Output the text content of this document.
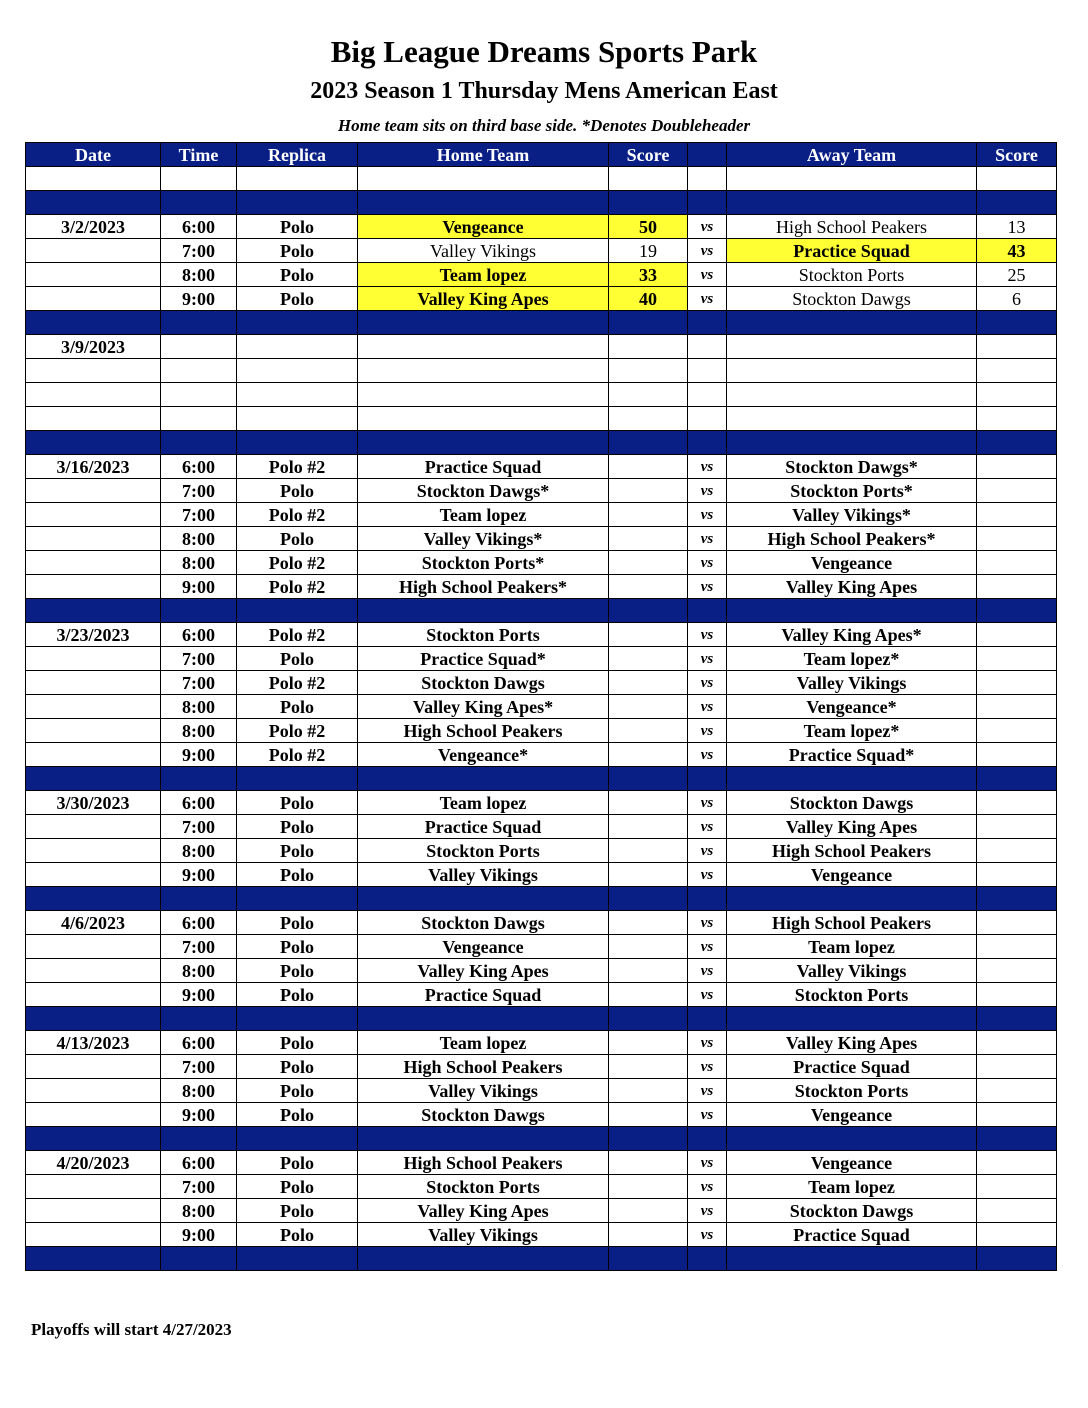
Big League Dreams Sports Park
2023 Season 1 Thursday Mens American East
Home team sits on third base side. *Denotes Doubleheader
Date	Time	Replica	Home Team	Score		Away Team	Score

3/2/2023	6:00	Polo	Vengeance	50	vs	High School Peakers	13
	7:00	Polo	Valley Vikings	19	vs	Practice Squad	43
	8:00	Polo	Team lopez	33	vs	Stockton Ports	25
	9:00	Polo	Valley King Apes	40	vs	Stockton Dawgs	6

3/9/2023							

3/16/2023	6:00	Polo #2	Practice Squad		vs	Stockton Dawgs*	
	7:00	Polo	Stockton Dawgs*		vs	Stockton Ports*	
	7:00	Polo #2	Team lopez		vs	Valley Vikings*	
	8:00	Polo	Valley Vikings*		vs	High School Peakers*	
	8:00	Polo #2	Stockton Ports*		vs	Vengeance	
	9:00	Polo #2	High School Peakers*		vs	Valley King Apes	

3/23/2023	6:00	Polo #2	Stockton Ports		vs	Valley King Apes*	
	7:00	Polo	Practice Squad*		vs	Team lopez*	
	7:00	Polo #2	Stockton Dawgs		vs	Valley Vikings	
	8:00	Polo	Valley King Apes*		vs	Vengeance*	
	8:00	Polo #2	High School Peakers		vs	Team lopez*	
	9:00	Polo #2	Vengeance*		vs	Practice Squad*	

3/30/2023	6:00	Polo	Team lopez		vs	Stockton Dawgs	
	7:00	Polo	Practice Squad		vs	Valley King Apes	
	8:00	Polo	Stockton Ports		vs	High School Peakers	
	9:00	Polo	Valley Vikings		vs	Vengeance	

4/6/2023	6:00	Polo	Stockton Dawgs		vs	High School Peakers	
	7:00	Polo	Vengeance		vs	Team lopez	
	8:00	Polo	Valley King Apes		vs	Valley Vikings	
	9:00	Polo	Practice Squad		vs	Stockton Ports	

4/13/2023	6:00	Polo	Team lopez		vs	Valley King Apes	
	7:00	Polo	High School Peakers		vs	Practice Squad	
	8:00	Polo	Valley Vikings		vs	Stockton Ports	
	9:00	Polo	Stockton Dawgs		vs	Vengeance	

4/20/2023	6:00	Polo	High School Peakers		vs	Vengeance	
	7:00	Polo	Stockton Ports		vs	Team lopez	
	8:00	Polo	Valley King Apes		vs	Stockton Dawgs	
	9:00	Polo	Valley Vikings		vs	Practice Squad	

Playoffs will start 4/27/2023
